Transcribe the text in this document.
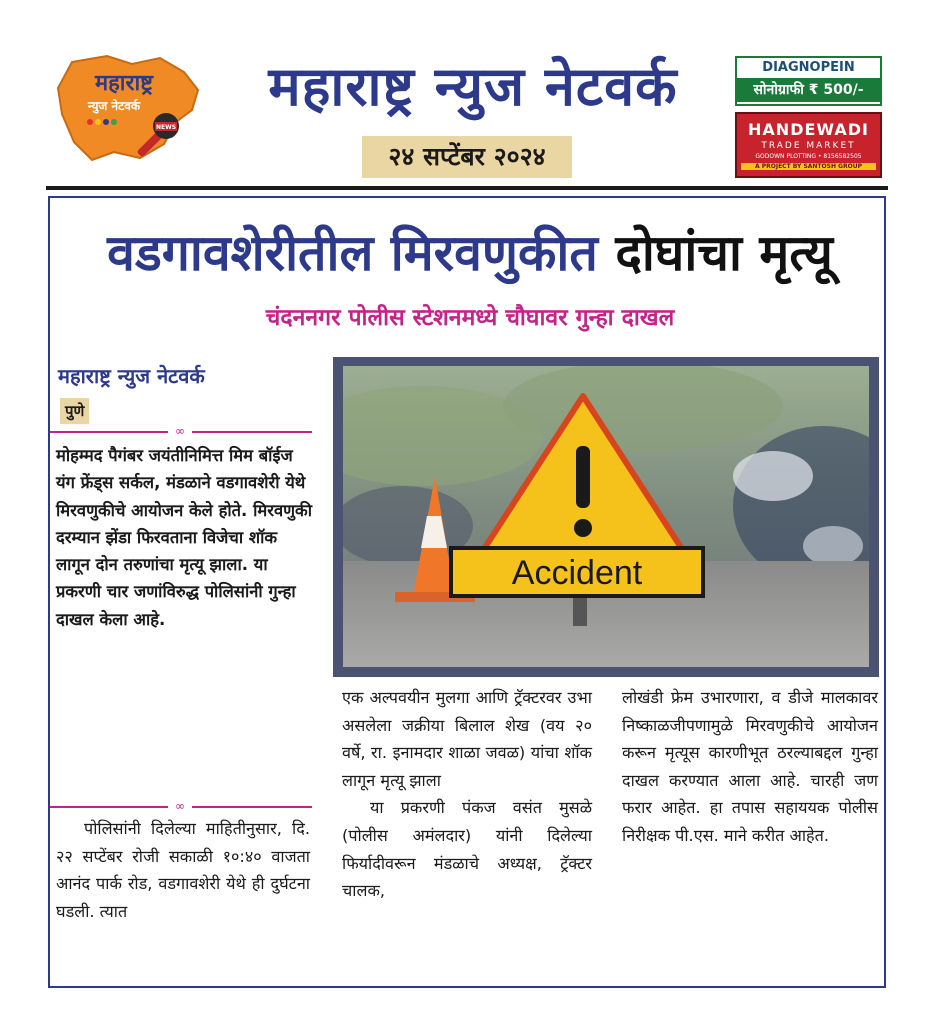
महाराष्ट्र
न्युज नेटवर्क
NEWS
महाराष्ट्र न्युज नेटवर्क
२४ सप्टेंबर २०२४
DIAGNOPEIN
सोनोग्राफी ₹ 500/-
HANDEWADI
TRADE MARKET
GODOWN PLOTTING • 8156582505
A PROJECT BY SANTOSH GROUP
वडगावशेरीतील मिरवणुकीत दोघांचा मृत्यू
चंदननगर पोलीस स्टेशनमध्ये चौघावर गुन्हा दाखल
महाराष्ट्र न्युज नेटवर्क
पुणे
∞
मोहम्मद पैगंबर जयंतीनिमित्त मिम बॉईज यंग फ्रेंड्स सर्कल, मंडळाने वडगावशेरी येथे मिरवणुकीचे आयोजन केले होते. मिरवणुकी दरम्यान झेंडा फिरवताना विजेचा शॉक लागून दोन तरुणांचा मृत्यू झाला. या प्रकरणी चार जणांविरुद्ध पोलिसांनी गुन्हा दाखल केला आहे.
∞
पोलिसांनी दिलेल्या माहितीनुसार, दि. २२ सप्टेंबर रोजी सकाळी १०:४० वाजता आनंद पार्क रोड, वडगावशेरी येथे ही दुर्घटना घडली. त्यात
एक अल्पवयीन मुलगा आणि ट्रॅक्टरवर उभा असलेला जक्रीया बिलाल शेख (वय २० वर्षे, रा. इनामदार शाळा जवळ) यांचा शॉक लागून मृत्यू झाला
या प्रकरणी पंकज वसंत मुसळे (पोलीस अमंलदार) यांनी दिलेल्या फिर्यादीवरून मंडळाचे अध्यक्ष, ट्रॅक्टर चालक,
लोखंडी फ्रेम उभारणारा, व डीजे मालकावर निष्काळजीपणामुळे मिरवणुकीचे आयोजन करून मृत्यूस कारणीभूत ठरल्याबद्दल गुन्हा दाखल करण्यात आला आहे. चारही जण फरार आहेत. हा तपास सहाययक पोलीस निरीक्षक पी.एस. माने करीत आहेत.
Accident
